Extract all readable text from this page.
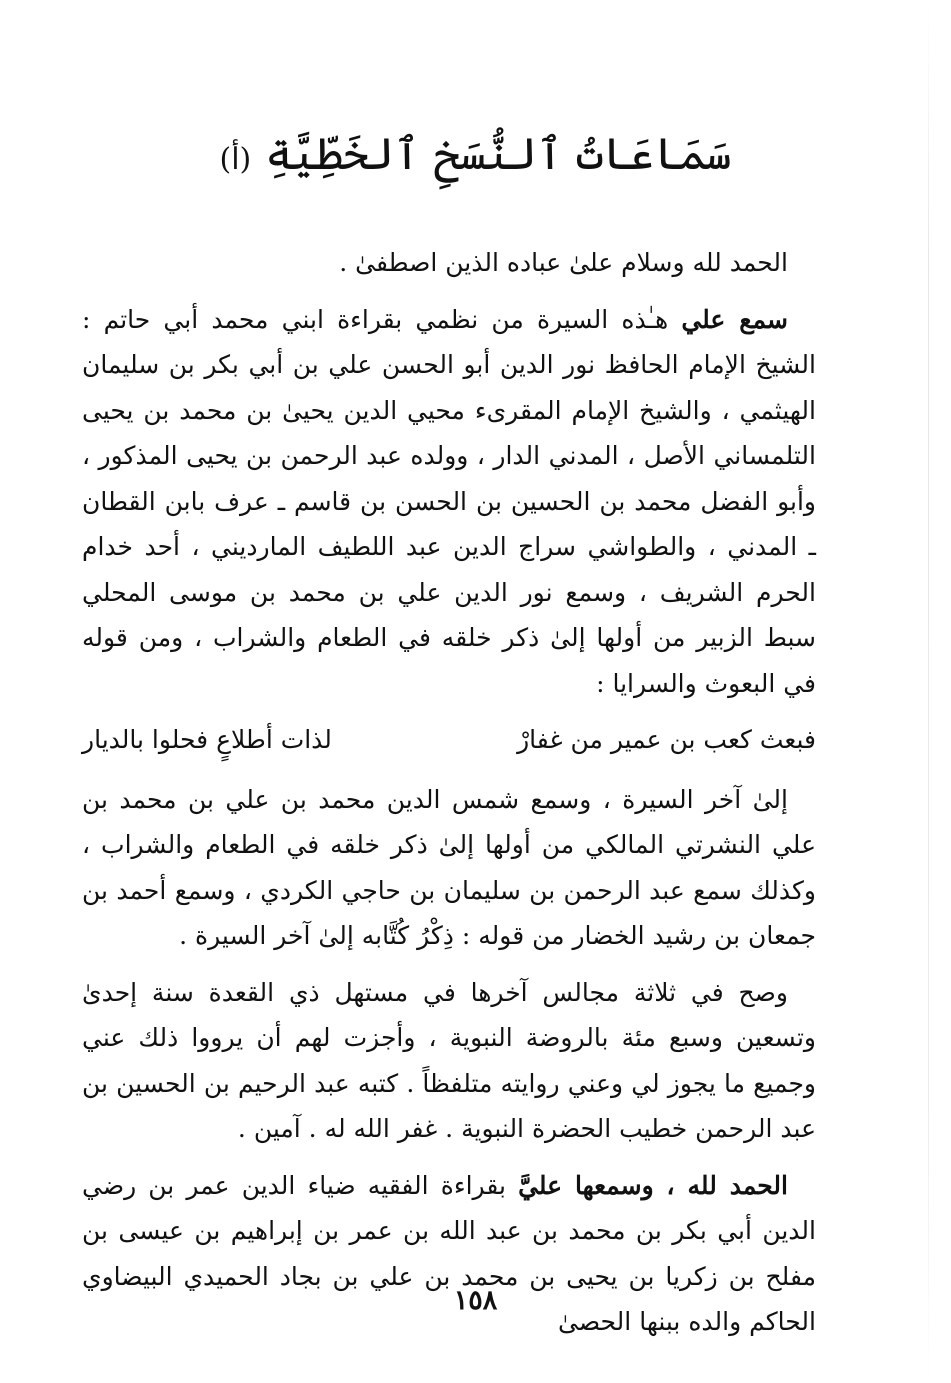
سَمَاعَاتُ ٱلنُّسَخِ ٱلخَطِّيَّةِ (أ)

الحمد لله وسلام علىٰ عباده الذين اصطفىٰ .

سمع علي هـٰذه السيرة من نظمي بقراءة ابني محمد أبي حاتم : الشيخ الإمام الحافظ نور الدين أبو الحسن علي بن أبي بكر بن سليمان الهيثمي ، والشيخ الإمام المقرىء محيي الدين يحيىٰ بن محمد بن يحيى التلمساني الأصل ، المدني الدار ، وولده عبد الرحمن بن يحيى المذكور ، وأبو الفضل محمد بن الحسين بن الحسن بن قاسم ـ عرف بابن القطان ـ المدني ، والطواشي سراج الدين عبد اللطيف المارديني ، أحد خدام الحرم الشريف ، وسمع نور الدين علي بن محمد بن موسى المحلي سبط الزبير من أولها إلىٰ ذكر خلقه في الطعام والشراب ، ومن قوله في البعوث والسرايا :

فبعث كعب بن عمير من غفارْ
لذات أطلاعٍ فحلوا بالديار

إلىٰ آخر السيرة ، وسمع شمس الدين محمد بن علي بن محمد بن علي النشرتي المالكي من أولها إلىٰ ذكر خلقه في الطعام والشراب ، وكذلك سمع عبد الرحمن بن سليمان بن حاجي الكردي ، وسمع أحمد بن جمعان بن رشيد الخضار من قوله : ذِكْرُ كُتَّابه إلىٰ آخر السيرة .

وصح في ثلاثة مجالس آخرها في مستهل ذي القعدة سنة إحدىٰ وتسعين وسبع مئة بالروضة النبوية ، وأجزت لهم أن يرووا ذلك عني وجميع ما يجوز لي وعني روايته متلفظاً . كتبه عبد الرحيم بن الحسين بن عبد الرحمن خطيب الحضرة النبوية . غفر الله له . آمين .

الحمد لله ، وسمعها عليَّ بقراءة الفقيه ضياء الدين عمر بن رضي الدين أبي بكر بن محمد بن عبد الله بن عمر بن إبراهيم بن عيسى بن مفلح بن زكريا بن يحيى بن محمد بن علي بن بجاد الحميدي البيضاوي الحاكم والده ببنها الحصىٰ

١٥٨
